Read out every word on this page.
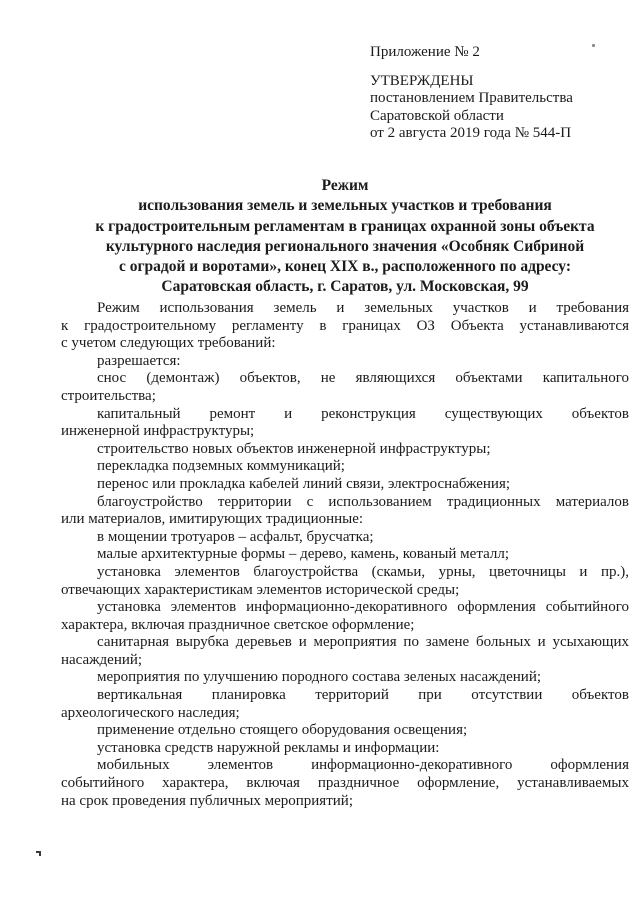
Приложение № 2
УТВЕРЖДЕНЫ
постановлением Правительства
Саратовской области
от 2 августа 2019 года № 544-П
Режим
использования земель и земельных участков и требования
к градостроительным регламентам в границах охранной зоны объекта
культурного наследия регионального значения «Особняк Сибриной
с оградой и воротами», конец XIX в., расположенного по адресу:
Саратовская область, г. Саратов, ул. Московская, 99
Режим использования земель и земельных участков и требования
к градостроительному регламенту в границах ОЗ Объекта устанавливаются
с учетом следующих требований:
разрешается:
снос (демонтаж) объектов, не являющихся объектами капитального
строительства;
капитальный ремонт и реконструкция существующих объектов
инженерной инфраструктуры;
строительство новых объектов инженерной инфраструктуры;
перекладка подземных коммуникаций;
перенос или прокладка кабелей линий связи, электроснабжения;
благоустройство территории с использованием традиционных материалов
или материалов, имитирующих традиционные:
в мощении тротуаров – асфальт, брусчатка;
малые архитектурные формы – дерево, камень, кованый металл;
установка элементов благоустройства (скамьи, урны, цветочницы и пр.),
отвечающих характеристикам элементов исторической среды;
установка элементов информационно-декоративного оформления событийного
характера, включая праздничное светское оформление;
санитарная вырубка деревьев и мероприятия по замене больных и усыхающих
насаждений;
мероприятия по улучшению породного состава зеленых насаждений;
вертикальная планировка территорий при отсутствии объектов
археологического наследия;
применение отдельно стоящего оборудования освещения;
установка средств наружной рекламы и информации:
мобильных элементов информационно-декоративного оформления
событийного характера, включая праздничное оформление, устанавливаемых
на срок проведения публичных мероприятий;
